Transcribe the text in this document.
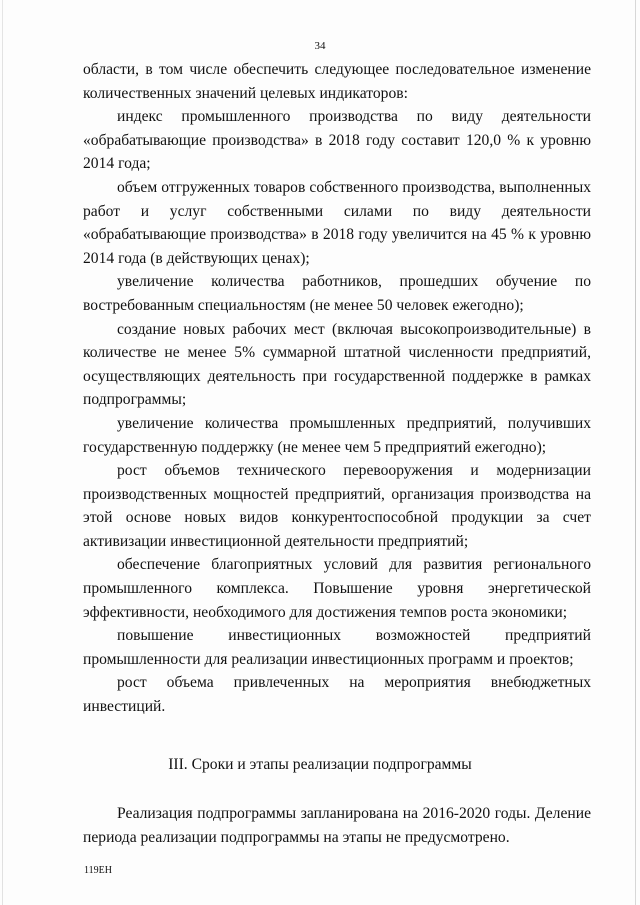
34

области, в том числе обеспечить следующее последовательное изменение количественных значений целевых индикаторов:

индекс промышленного производства по виду деятельности «обрабатывающие производства» в 2018 году составит 120,0 % к уровню 2014 года;

объем отгруженных товаров собственного производства, выполненных работ и услуг собственными силами по виду деятельности «обрабатывающие производства» в 2018 году увеличится на 45 % к уровню 2014 года (в действующих ценах);

увеличение количества работников, прошедших обучение по востребованным специальностям (не менее 50 человек ежегодно);

создание новых рабочих мест (включая высокопроизводительные) в количестве не менее 5% суммарной штатной численности предприятий, осуществляющих деятельность при государственной поддержке в рамках подпрограммы;

увеличение количества промышленных предприятий, получивших государственную поддержку (не менее чем 5 предприятий ежегодно);

рост объемов технического перевооружения и модернизации производственных мощностей предприятий, организация производства на этой основе новых видов конкурентоспособной продукции за счет активизации инвестиционной деятельности предприятий;

обеспечение благоприятных условий для развития регионального промышленного комплекса. Повышение уровня энергетической эффективности, необходимого для достижения темпов роста экономики;

повышение инвестиционных возможностей предприятий промышленности для реализации инвестиционных программ и проектов;

рост объема привлеченных на мероприятия внебюджетных инвестиций.

III. Сроки и этапы реализации подпрограммы

Реализация подпрограммы запланирована на 2016-2020 годы. Деление периода реализации подпрограммы на этапы не предусмотрено.

119ЕН
